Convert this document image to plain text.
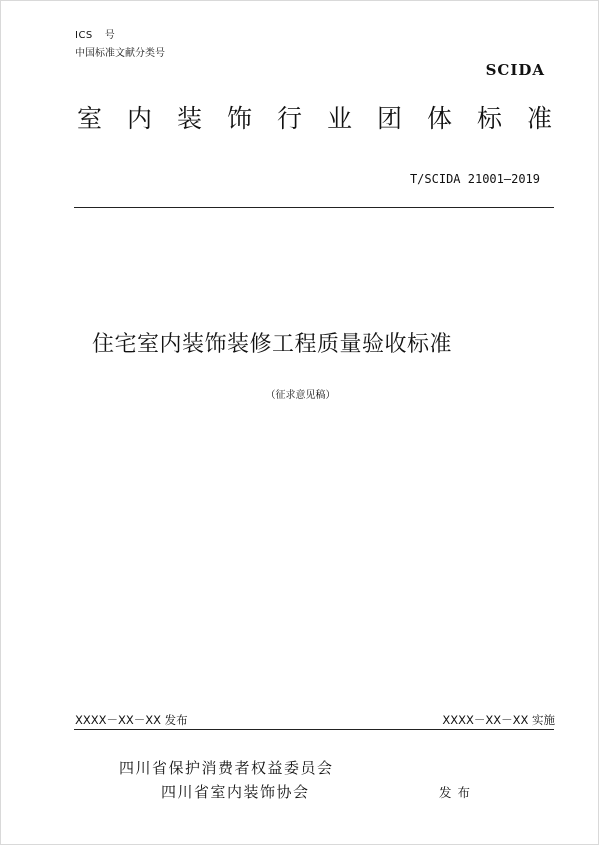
ICS 号
中国标准文献分类号
SCIDA
室内装饰行业团体标准
T/SCIDA 21001—2019
住宅室内装饰装修工程质量验收标准
（征求意见稿）
XXXX－XX－XX 发布	XXXX－XX－XX 实施
四川省保护消费者权益委员会
四川省室内装饰协会	发布
